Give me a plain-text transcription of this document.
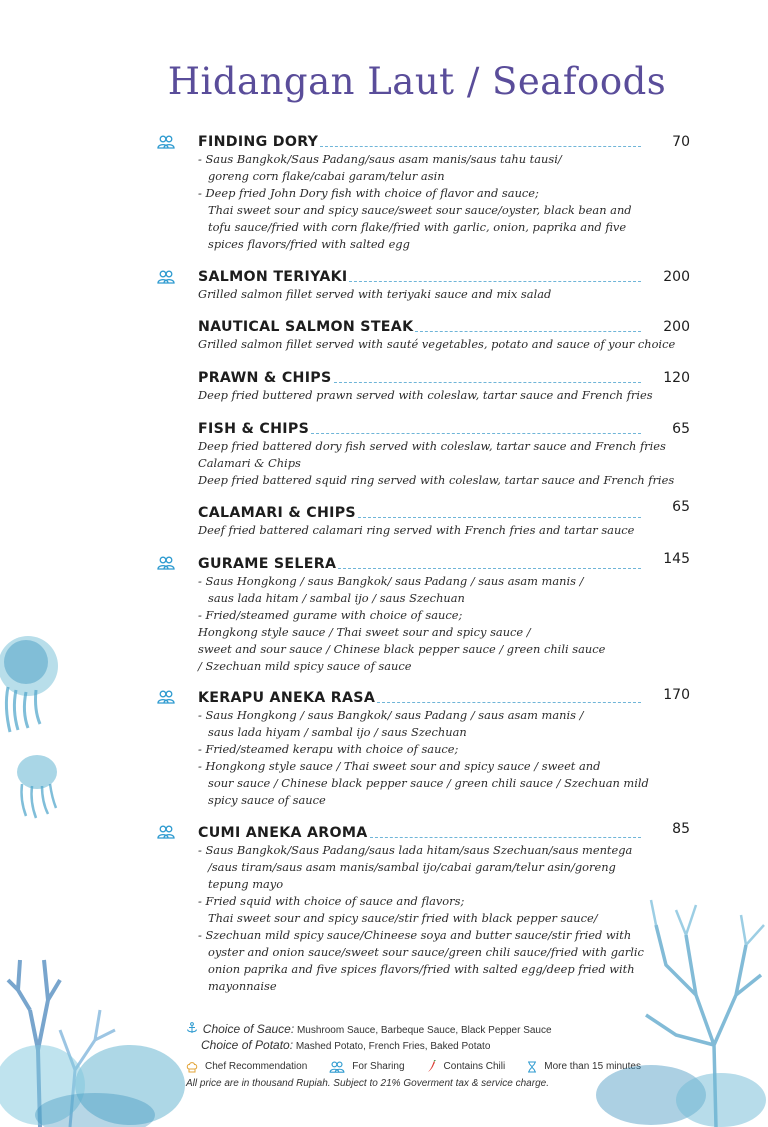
Hidangan Laut / Seafoods
FINDING DORY	70
- Saus Bangkok/Saus Padang/saus asam manis/saus tahu tausi/
goreng corn flake/cabai garam/telur asin
- Deep fried John Dory fish with choice of flavor and sauce;
Thai sweet sour and spicy sauce/sweet sour sauce/oyster, black bean and
tofu sauce/fried with corn flake/fried with garlic, onion, paprika and five
spices flavors/fried with salted egg
SALMON TERIYAKI	200
Grilled salmon fillet served with teriyaki sauce and mix salad
NAUTICAL SALMON STEAK	200
Grilled salmon fillet served with sauté vegetables, potato and sauce of your choice
PRAWN & CHIPS	120
Deep fried buttered prawn served with coleslaw, tartar sauce and French fries
FISH & CHIPS	65
Deep fried battered dory fish served with coleslaw, tartar sauce and French fries
Calamari & Chips
Deep fried battered squid ring served with coleslaw, tartar sauce and French fries
CALAMARI & CHIPS	65
Deef fried battered calamari ring served with French fries and tartar sauce
GURAME SELERA	145
- Saus Hongkong / saus Bangkok/ saus Padang / saus asam manis /
saus lada hitam / sambal ijo / saus Szechuan
- Fried/steamed gurame with choice of sauce;
Hongkong style sauce / Thai sweet sour and spicy sauce /
sweet and sour sauce / Chinese black pepper sauce / green chili sauce
/ Szechuan mild spicy sauce of sauce
KERAPU ANEKA RASA	170
- Saus Hongkong / saus Bangkok/ saus Padang / saus asam manis /
saus lada hiyam / sambal ijo / saus Szechuan
- Fried/steamed kerapu with choice of sauce;
- Hongkong style sauce / Thai sweet sour and spicy sauce / sweet and
sour sauce / Chinese black pepper sauce / green chili sauce / Szechuan mild
spicy sauce of sauce
CUMI ANEKA AROMA	85
- Saus Bangkok/Saus Padang/saus lada hitam/saus Szechuan/saus mentega
/saus tiram/saus asam manis/sambal ijo/cabai garam/telur asin/goreng
tepung mayo
- Fried squid with choice of sauce and flavors;
Thai sweet sour and spicy sauce/stir fried with black pepper sauce/
- Szechuan mild spicy sauce/Chineese soya and butter sauce/stir fried with
oyster and onion sauce/sweet sour sauce/green chili sauce/fried with garlic
onion paprika and five spices flavors/fried with salted egg/deep fried with
mayonnaise
Choice of Sauce: Mushroom Sauce, Barbeque Sauce, Black Pepper Sauce
Choice of Potato: Mashed Potato, French Fries, Baked Potato
Chef Recommendation	For Sharing	Contains Chili	More than 15 minutes
All price are in thousand Rupiah. Subject to 21% Goverment tax & service charge.
